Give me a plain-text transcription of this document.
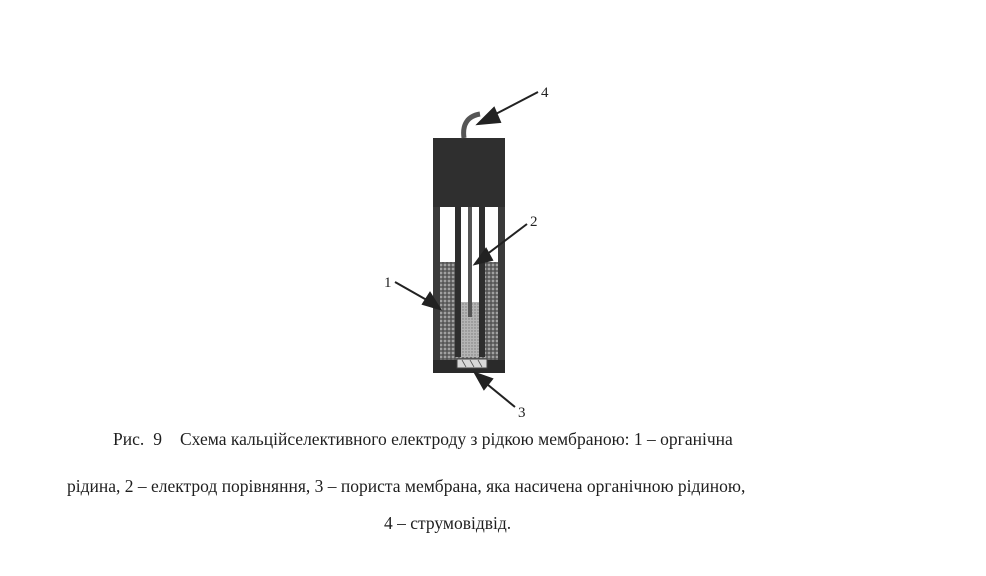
4
2
1
3
Рис. 9 Схема кальційселективного електроду з рідкою мембраною: 1 – органічна
рідина, 2 – електрод порівняння, 3 – пориста мембрана, яка насичена органічною рідиною,
4 – струмовідвід.
